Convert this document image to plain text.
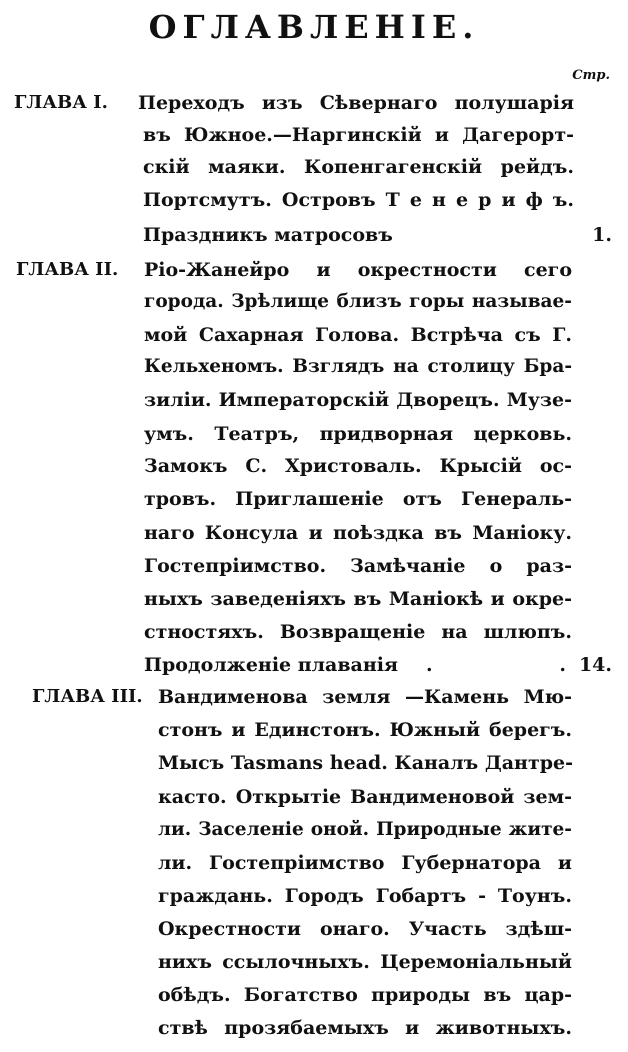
ОГЛАВЛЕНІЕ.
Стр.
ГЛАВА I. Переходъ изъ Сѣвернаго полушарія
въ Южное.—Наргинскій и Дагерорт-
скій маяки. Копенгагенскій рейдъ.
Портсмутъ. Островъ Т е н е р и ф ъ.
Праздникъ матросовъ	1.
ГЛАВА II. Ріо-Жанейро и окрестности сего
города. Зрѣлище близъ горы называе-
мой Сахарная Голова. Встрѣча съ Г.
Кельхеномъ. Взглядъ на столицу Бра-
зиліи. Императорскій Дворецъ. Музе-
умъ. Театръ, придворная церковь.
Замокъ С. Христоваль. Крысій ос-
тровъ. Приглашеніе отъ Генераль-
наго Консула и поѣздка въ Маніоку.
Гостепріимство. Замѣчаніе о раз-
ныхъ заведеніяхъ въ Маніокѣ и окре-
стностяхъ. Возвращеніе на шлюпъ.
Продолженіе плаванія . . 14.
ГЛАВА III. Вандименова земля —Камень Мю-
стонъ и Единстонъ. Южный берегъ.
Мысъ Tasmans head. Каналъ Дантре-
касто. Открытіе Вандименовой зем-
ли. Заселеніе оной. Природные жите-
ли. Гостепріимство Губернатора и
граждань. Городъ Гобартъ - Тоунъ.
Окрестности онаго. Участь здѣш-
нихъ ссылочныхъ. Церемоніальный
обѣдъ. Богатство природы въ цар-
ствѣ прозябаемыхъ и животныхъ.
